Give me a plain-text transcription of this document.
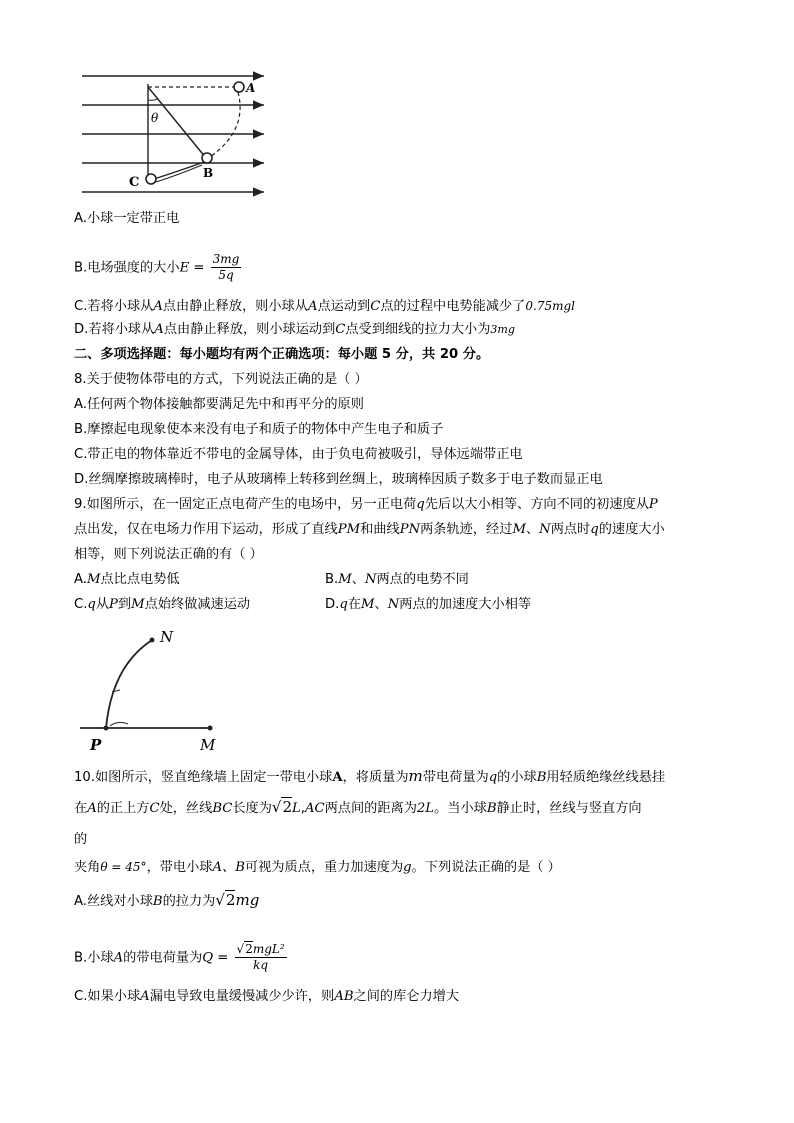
A
B
C
θ
A.小球一定带正电
B.电场强度的大小$E = \frac{3mg}{5q}$
C.若将小球从A点由静止释放，则小球从A点运动到C点的过程中电势能减少了0.75mgl
D.若将小球从A点由静止释放，则小球运动到C点受到细线的拉力大小为3mg
二、多项选择题：每小题均有两个正确选项：每小题 5 分，共 20 分。
8.关于使物体带电的方式，下列说法正确的是（ ）
A.任何两个物体接触都要满足先中和再平分的原则
B.摩擦起电现象使本来没有电子和质子的物体中产生电子和质子
C.带正电的物体靠近不带电的金属导体，由于负电荷被吸引，导体远端带正电
D.丝绸摩擦玻璃棒时，电子从玻璃棒上转移到丝绸上，玻璃棒因质子数多于电子数而显正电
9.如图所示，在一固定正点电荷产生的电场中，另一正电荷q先后以大小相等、方向不同的初速度从P
点出发，仅在电场力作用下运动，形成了直线PM和曲线PN两条轨迹，经过M、N两点时q的速度大小
相等，则下列说法正确的有（ ）
A.M点比点电势低	B.M、N两点的电势不同
C.q从P到M点始终做减速运动	D.q在M、N两点的加速度大小相等
N
P	M
10.如图所示，竖直绝缘墙上固定一带电小球A，将质量为m带电荷量为q的小球B用轻质绝缘丝线悬挂
在A的正上方C处，丝线BC长度为√2L,AC两点间的距离为2L。当小球B静止时，丝线与竖直方向
的
夹角θ = 45°，带电小球A、B可视为质点，重力加速度为g。下列说法正确的是（ ）
A.丝线对小球B的拉力为√2mg
B.小球A的带电荷量为$Q = \frac{\text{√2mgL²}}{kq}$
C.如果小球A漏电导致电量缓慢减少少许，则AB之间的库仑力增大
